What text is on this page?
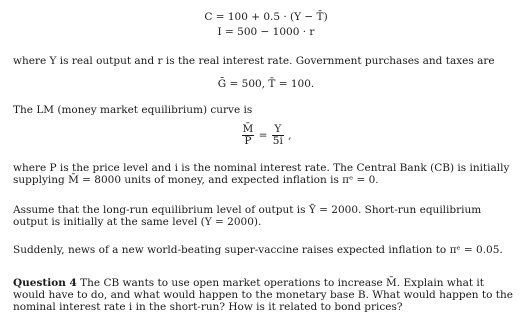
C = 100 + 0.5 · (Y − T̄)
I = 500 − 1000 · r
where Y is real output and r is the real interest rate. Government purchases and taxes are
Ḡ = 500, T̄ = 100.
The LM (money market equilibrium) curve is
$\frac{M̄}{P} = \frac{Y}{5i}$ ,
where P is the price level and i is the nominal interest rate. The Central Bank (CB) is initially supplying M̄ = 8000 units of money, and expected inflation is πᵉ = 0.
Assume that the long-run equilibrium level of output is Ȳ = 2000. Short-run equilibrium output is initially at the same level (Y = 2000).
Suddenly, news of a new world-beating super-vaccine raises expected inflation to πᵉ = 0.05.
Question 4 The CB wants to use open market operations to increase M̄. Explain what it would have to do, and what would happen to the monetary base B. What would happen to the nominal interest rate i in the short-run? How is it related to bond prices?
